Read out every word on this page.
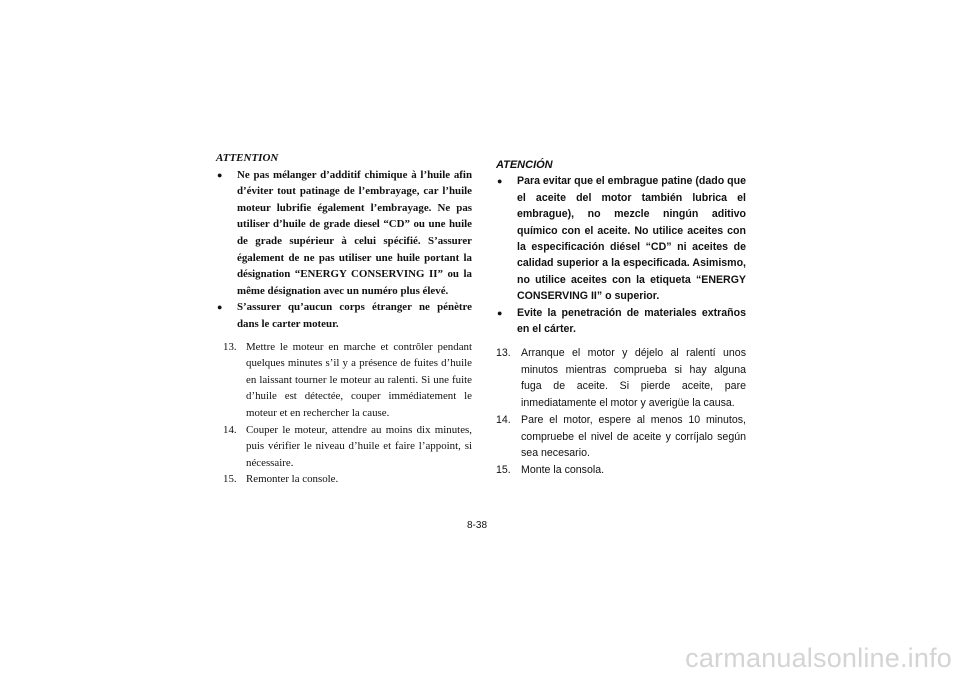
ATTENTION

● Ne pas mélanger d’additif chimique à l’huile afin d’éviter tout patinage de l’embrayage, car l’huile moteur lubrifie également l’embrayage. Ne pas utiliser d’huile de grade diesel “CD” ou une huile de grade supérieur à celui spécifié. S’assurer également de ne pas utiliser une huile portant la désignation “ENERGY CONSERVING II” ou la même désignation avec un numéro plus élevé.
● S’assurer qu’aucun corps étranger ne pénètre dans le carter moteur.
13. Mettre le moteur en marche et contrôler pendant quelques minutes s’il y a présence de fuites d’huile en laissant tourner le moteur au ralenti. Si une fuite d’huile est détectée, couper immédiatement le moteur et en rechercher la cause.
14. Couper le moteur, attendre au moins dix minutes, puis vérifier le niveau d’huile et faire l’appoint, si nécessaire.
15. Remonter la console.

ATENCIÓN

● Para evitar que el embrague patine (dado que el aceite del motor también lubrica el embrague), no mezcle ningún aditivo químico con el aceite. No utilice aceites con la especificación diésel “CD” ni aceites de calidad superior a la especificada. Asimismo, no utilice aceites con la etiqueta “ENERGY CONSERVING II” o superior.
● Evite la penetración de materiales extraños en el cárter.
13. Arranque el motor y déjelo al ralentí unos minutos mientras comprueba si hay alguna fuga de aceite. Si pierde aceite, pare inmediatamente el motor y averigüe la causa.
14. Pare el motor, espere al menos 10 minutos, compruebe el nivel de aceite y corríjalo según sea necesario.
15. Monte la consola.
8-38
carmanualsonline.info
